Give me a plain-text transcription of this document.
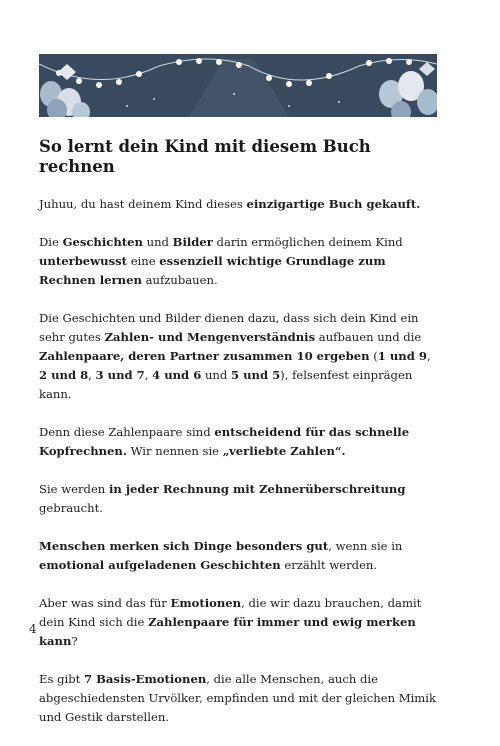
So lernt dein Kind mit diesem Buch rechnen

Juhuu, du hast deinem Kind dieses einzigartige Buch gekauft.

Die Geschichten und Bilder darin ermöglichen deinem Kind unterbewusst eine essenziell wichtige Grundlage zum Rechnen lernen aufzubauen.

Die Geschichten und Bilder dienen dazu, dass sich dein Kind ein sehr gutes Zahlen- und Mengenverständnis aufbauen und die Zahlenpaare, deren Partner zusammen 10 ergeben (1 und 9, 2 und 8, 3 und 7, 4 und 6 und 5 und 5), felsenfest einprägen kann.

Denn diese Zahlenpaare sind entscheidend für das schnelle Kopfrechnen. Wir nennen sie „verliebte Zahlen“.

Sie werden in jeder Rechnung mit Zehnerüberschreitung gebraucht.

Menschen merken sich Dinge besonders gut, wenn sie in emotional aufgeladenen Geschichten erzählt werden.

Aber was sind das für Emotionen, die wir dazu brauchen, damit dein Kind sich die Zahlenpaare für immer und ewig merken kann?

Es gibt 7 Basis-Emotionen, die alle Menschen, auch die abgeschiedensten Urvölker, empfinden und mit der gleichen Mimik und Gestik darstellen.

4
